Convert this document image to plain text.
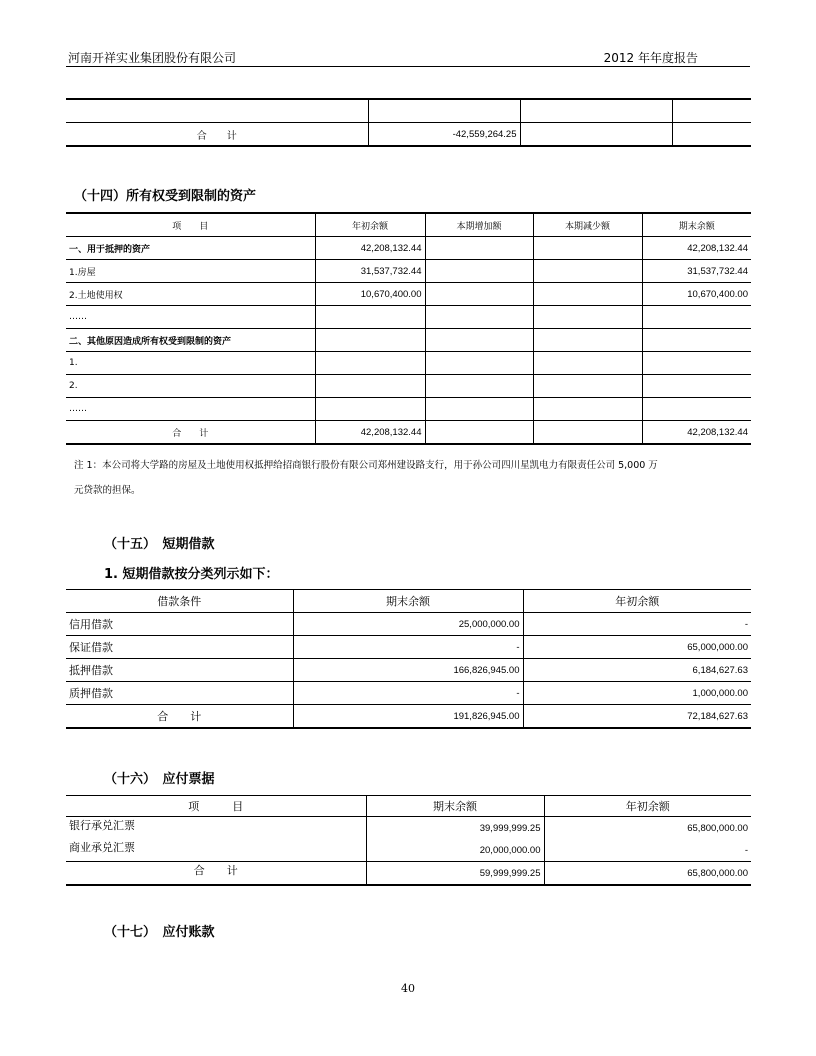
河南开祥实业集团股份有限公司	2012 年年度报告

合　　计	-42,559,264.25		
（十四）所有权受到限制的资产
项　　目	年初余额	本期增加额	本期减少额	期末余额
一、用于抵押的资产	42,208,132.44			42,208,132.44
1.房屋	31,537,732.44			31,537,732.44
2.土地使用权	10,670,400.00			10,670,400.00
……				
二、其他原因造成所有权受到限制的资产				
1.				
2.				
……				
合　　计	42,208,132.44			42,208,132.44
注 1：本公司将大学路的房屋及土地使用权抵押给招商银行股份有限公司郑州建设路支行，用于孙公司四川星凯电力有限责任公司 5,000 万
元贷款的担保。
（十五）　短期借款
1. 短期借款按分类列示如下：
借款条件	期末余额	年初余额
信用借款	25,000,000.00	-
保证借款	-	65,000,000.00
抵押借款	166,826,945.00	6,184,627.63
质押借款	-	1,000,000.00
合　　计	191,826,945.00	72,184,627.63
（十六）　应付票据
项　　　目	期末余额	年初余额
银行承兑汇票	39,999,999.25	65,800,000.00
商业承兑汇票	20,000,000.00	-
合　　计	59,999,999.25	65,800,000.00
（十七）　应付账款
40
